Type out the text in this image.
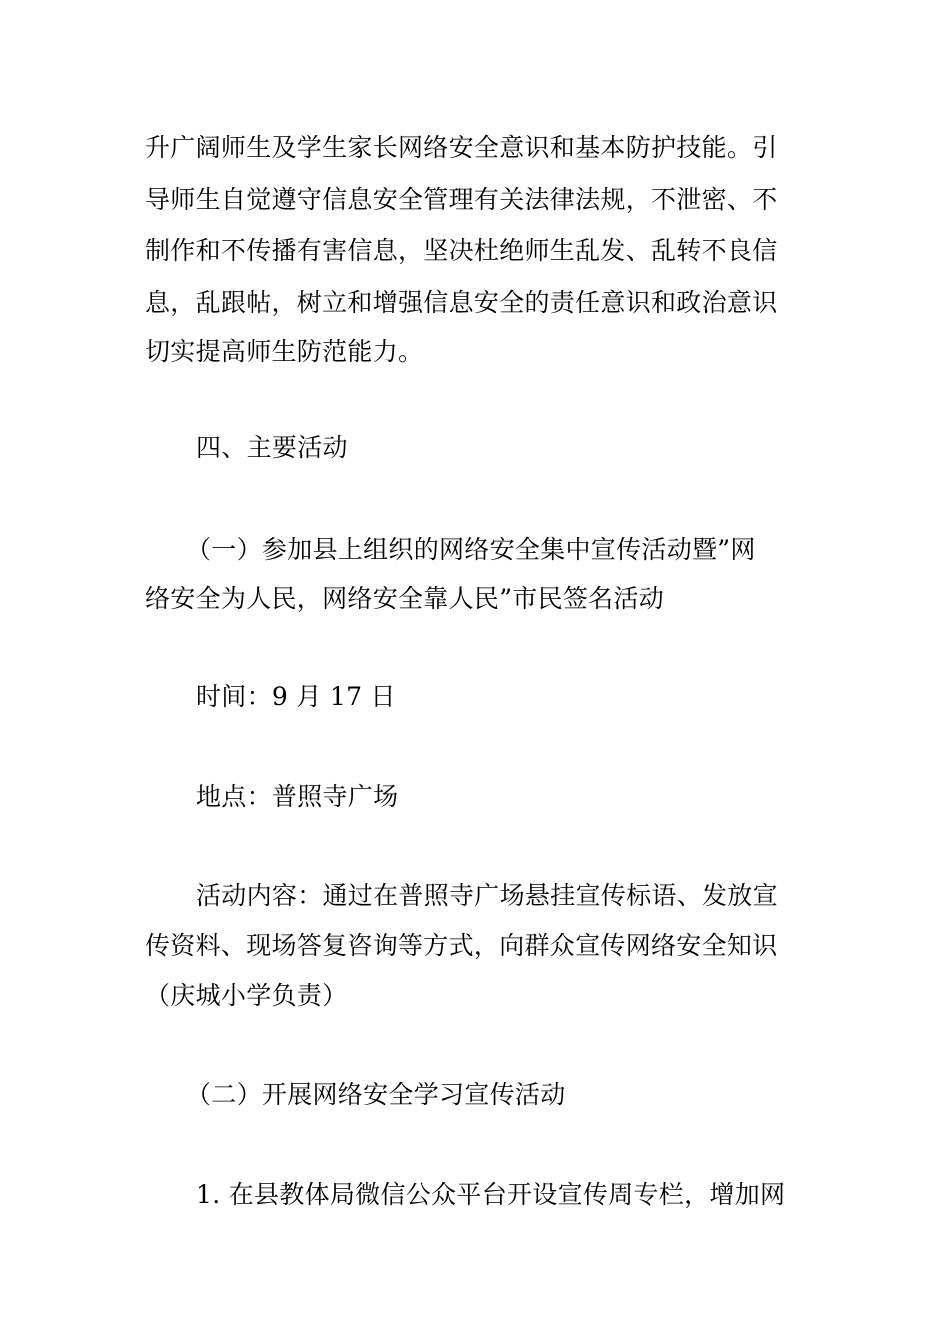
升广阔师生及学生家长网络安全意识和基本防护技能。引
导师生自觉遵守信息安全管理有关法律法规，不泄密、不
制作和不传播有害信息，坚决杜绝师生乱发、乱转不良信
息，乱跟帖，树立和增强信息安全的责任意识和政治意识
切实提高师生防范能力。
四、主要活动
（一）参加县上组织的网络安全集中宣传活动暨”网
络安全为人民，网络安全靠人民”市民签名活动
时间：9 月 17 日
地点：普照寺广场
活动内容：通过在普照寺广场悬挂宣传标语、发放宣
传资料、现场答复咨询等方式，向群众宣传网络安全知识
（庆城小学负责）
（二）开展网络安全学习宣传活动
1. 在县教体局微信公众平台开设宣传周专栏，增加网
